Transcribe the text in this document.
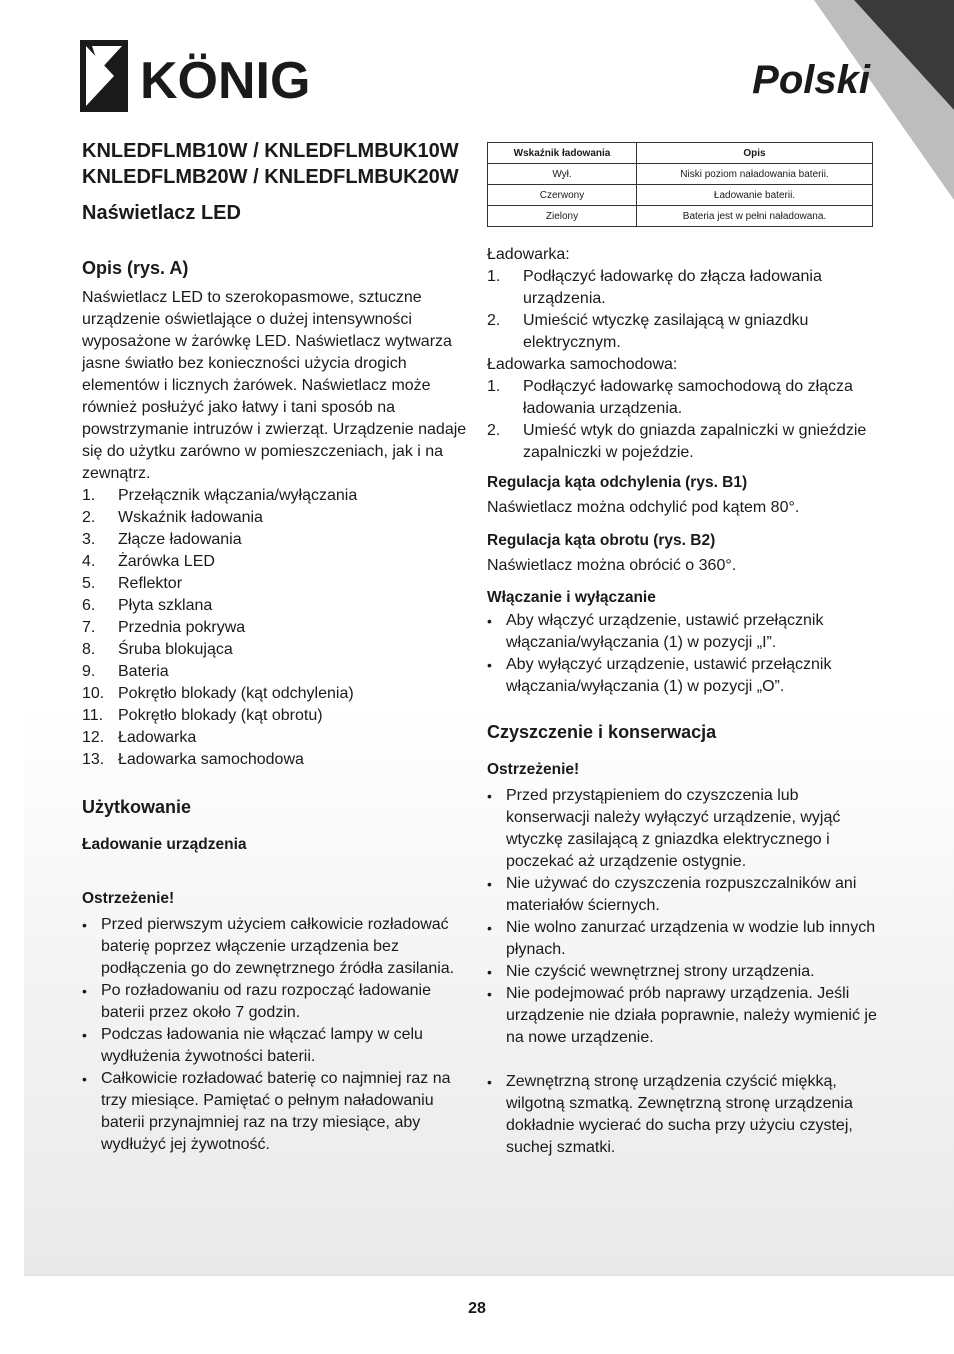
KÖNIG	Polski
KNLEDFLMB10W / KNLEDFLMBUK10W
KNLEDFLMB20W / KNLEDFLMBUK20W
Naświetlacz LED
Opis (rys. A)

Naświetlacz LED to szerokopasmowe, sztuczne urządzenie oświetlające o dużej intensywności wyposażone w żarówkę LED. Naświetlacz wytwarza jasne światło bez konieczności użycia drogich elementów i licznych żarówek. Naświetlacz może również posłużyć jako łatwy i tani sposób na powstrzymanie intruzów i zwierząt. Urządzenie nadaje się do użytku zarówno w pomieszczeniach, jak i na zewnątrz.

1.	Przełącznik włączania/wyłączania
2.	Wskaźnik ładowania
3.	Złącze ładowania
4.	Żarówka LED
5.	Reflektor
6.	Płyta szklana
7.	Przednia pokrywa
8.	Śruba blokująca
9.	Bateria
10. Pokrętło blokady (kąt odchylenia)
11. Pokrętło blokady (kąt obrotu)
12. Ładowarka
13. Ładowarka samochodowa
Użytkowanie
Ładowanie urządzenia
Ostrzeżenie!
• Przed pierwszym użyciem całkowicie rozładować baterię poprzez włączenie urządzenia bez podłączenia go do zewnętrznego źródła zasilania.
• Po rozładowaniu od razu rozpocząć ładowanie baterii przez około 7 godzin.
• Podczas ładowania nie włączać lampy w celu wydłużenia żywotności baterii.
• Całkowicie rozładować baterię co najmniej raz na trzy miesiące. Pamiętać o pełnym naładowaniu baterii przynajmniej raz na trzy miesiące, aby wydłużyć jej żywotność.
Wskaźnik ładowania	Opis
Wył.	Niski poziom naładowania baterii.
Czerwony	Ładowanie baterii.
Zielony	Bateria jest w pełni naładowana.

Ładowarka:

1.	Podłączyć ładowarkę do złącza ładowania urządzenia.
2.	Umieścić wtyczkę zasilającą w gniazdku elektrycznym.

Ładowarka samochodowa:

1.	Podłączyć ładowarkę samochodową do złącza ładowania urządzenia.
2.	Umieść wtyk do gniazda zapalniczki w gnieździe zapalniczki w pojeździe.
Regulacja kąta odchylenia (rys. B1)

Naświetlacz można odchylić pod kątem 80°.

Regulacja kąta obrotu (rys. B2)

Naświetlacz można obrócić o 360°.

Włączanie i wyłączanie
• Aby włączyć urządzenie, ustawić przełącznik włączania/wyłączania (1) w pozycji „I”.
• Aby wyłączyć urządzenie, ustawić przełącznik włączania/wyłączania (1) w pozycji „O”.
Czyszczenie i konserwacja
Ostrzeżenie!
• Przed przystąpieniem do czyszczenia lub konserwacji należy wyłączyć urządzenie, wyjąć wtyczkę zasilającą z gniazdka elektrycznego i poczekać aż urządzenie ostygnie.
• Nie używać do czyszczenia rozpuszczalników ani materiałów ściernych.
• Nie wolno zanurzać urządzenia w wodzie lub innych płynach.
• Nie czyścić wewnętrznej strony urządzenia.
• Nie podejmować prób naprawy urządzenia. Jeśli urządzenie nie działa poprawnie, należy wymienić je na nowe urządzenie.
• Zewnętrzną stronę urządzenia czyścić miękką, wilgotną szmatką. Zewnętrzną stronę urządzenia dokładnie wycierać do sucha przy użyciu czystej, suchej szmatki.
28
